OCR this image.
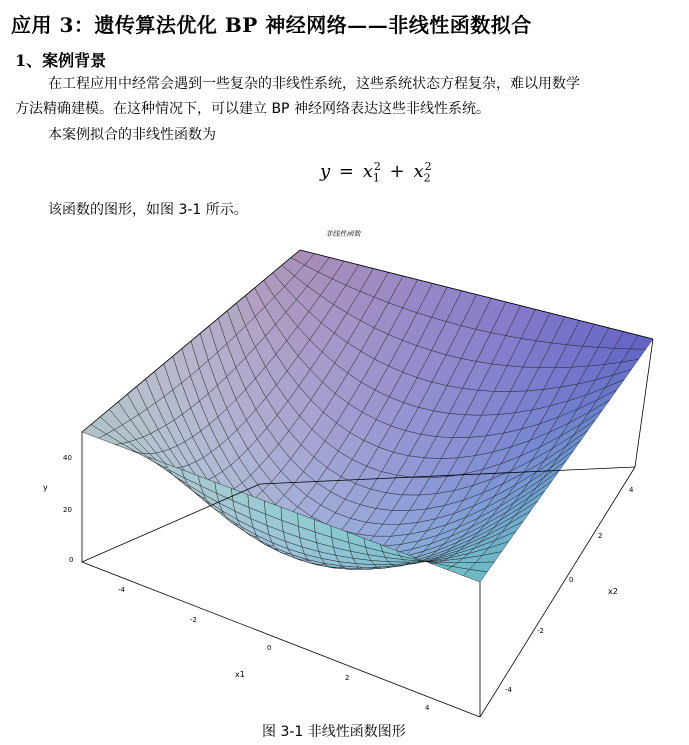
应用 3：遗传算法优化 BP 神经网络——非线性函数拟合
1、案例背景
在工程应用中经常会遇到一些复杂的非线性系统，这些系统状态方程复杂，难以用数学
方法精确建模。在这种情况下，可以建立 BP 神经网络表达这些非线性系统。
本案例拟合的非线性函数为
$y = x_1^2 + x_2^2$
该函数的图形，如图 3-1 所示。
非线性函数
y
x1
x2
40
20
0
-4
-2
0
2
4
4
2
0
-2
-4
图 3-1 非线性函数图形
